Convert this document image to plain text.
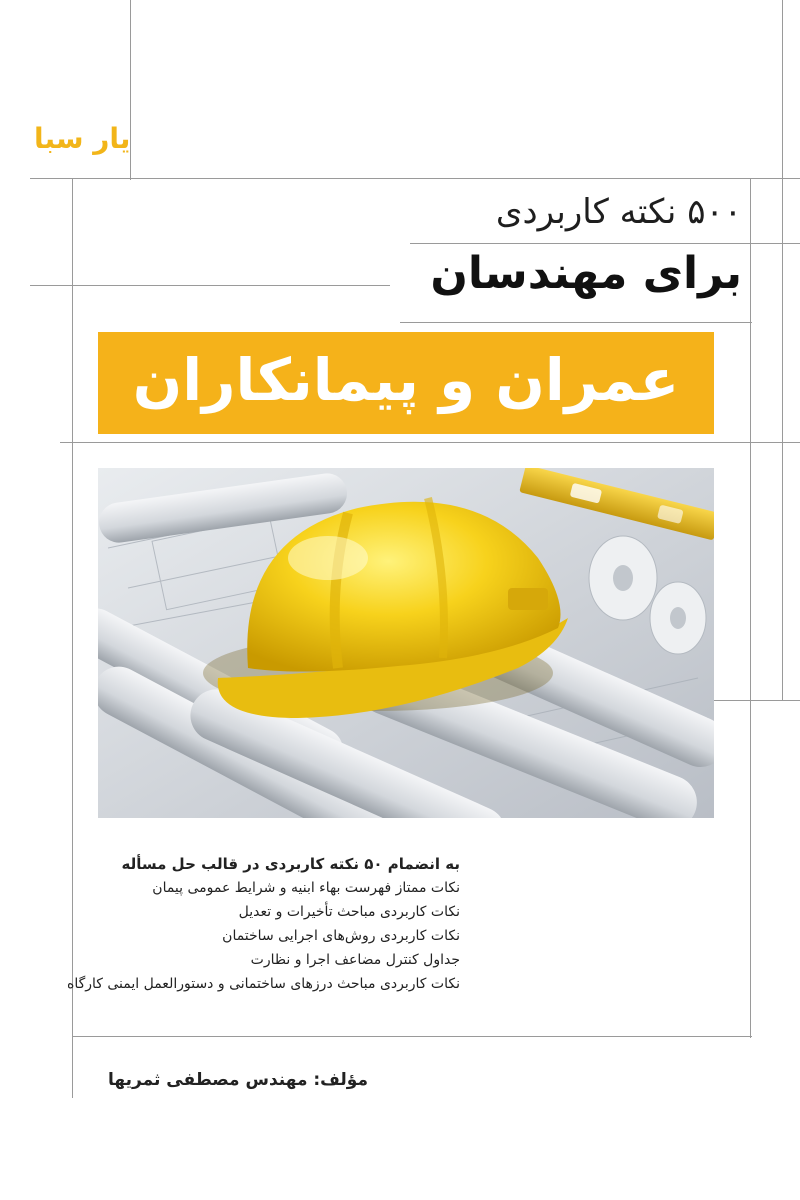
یار سبا
۵۰۰ نکته کاربردی
برای مهندسان
عمران و پیمانکاران
به انضمام ۵۰ نکته کاربردی در قالب حل مسأله
نکات ممتاز فهرست بهاء ابنیه و شرایط عمومی پیمان
نکات کاربردی مباحث تأخیرات و تعدیل
نکات کاربردی روش‌های اجرایی ساختمان
جداول کنترل مضاعف اجرا و نظارت
نکات کاربردی مباحث درزهای ساختمانی و دستورالعمل ایمنی کارگاه
مؤلف: مهندس مصطفی ثمریها
